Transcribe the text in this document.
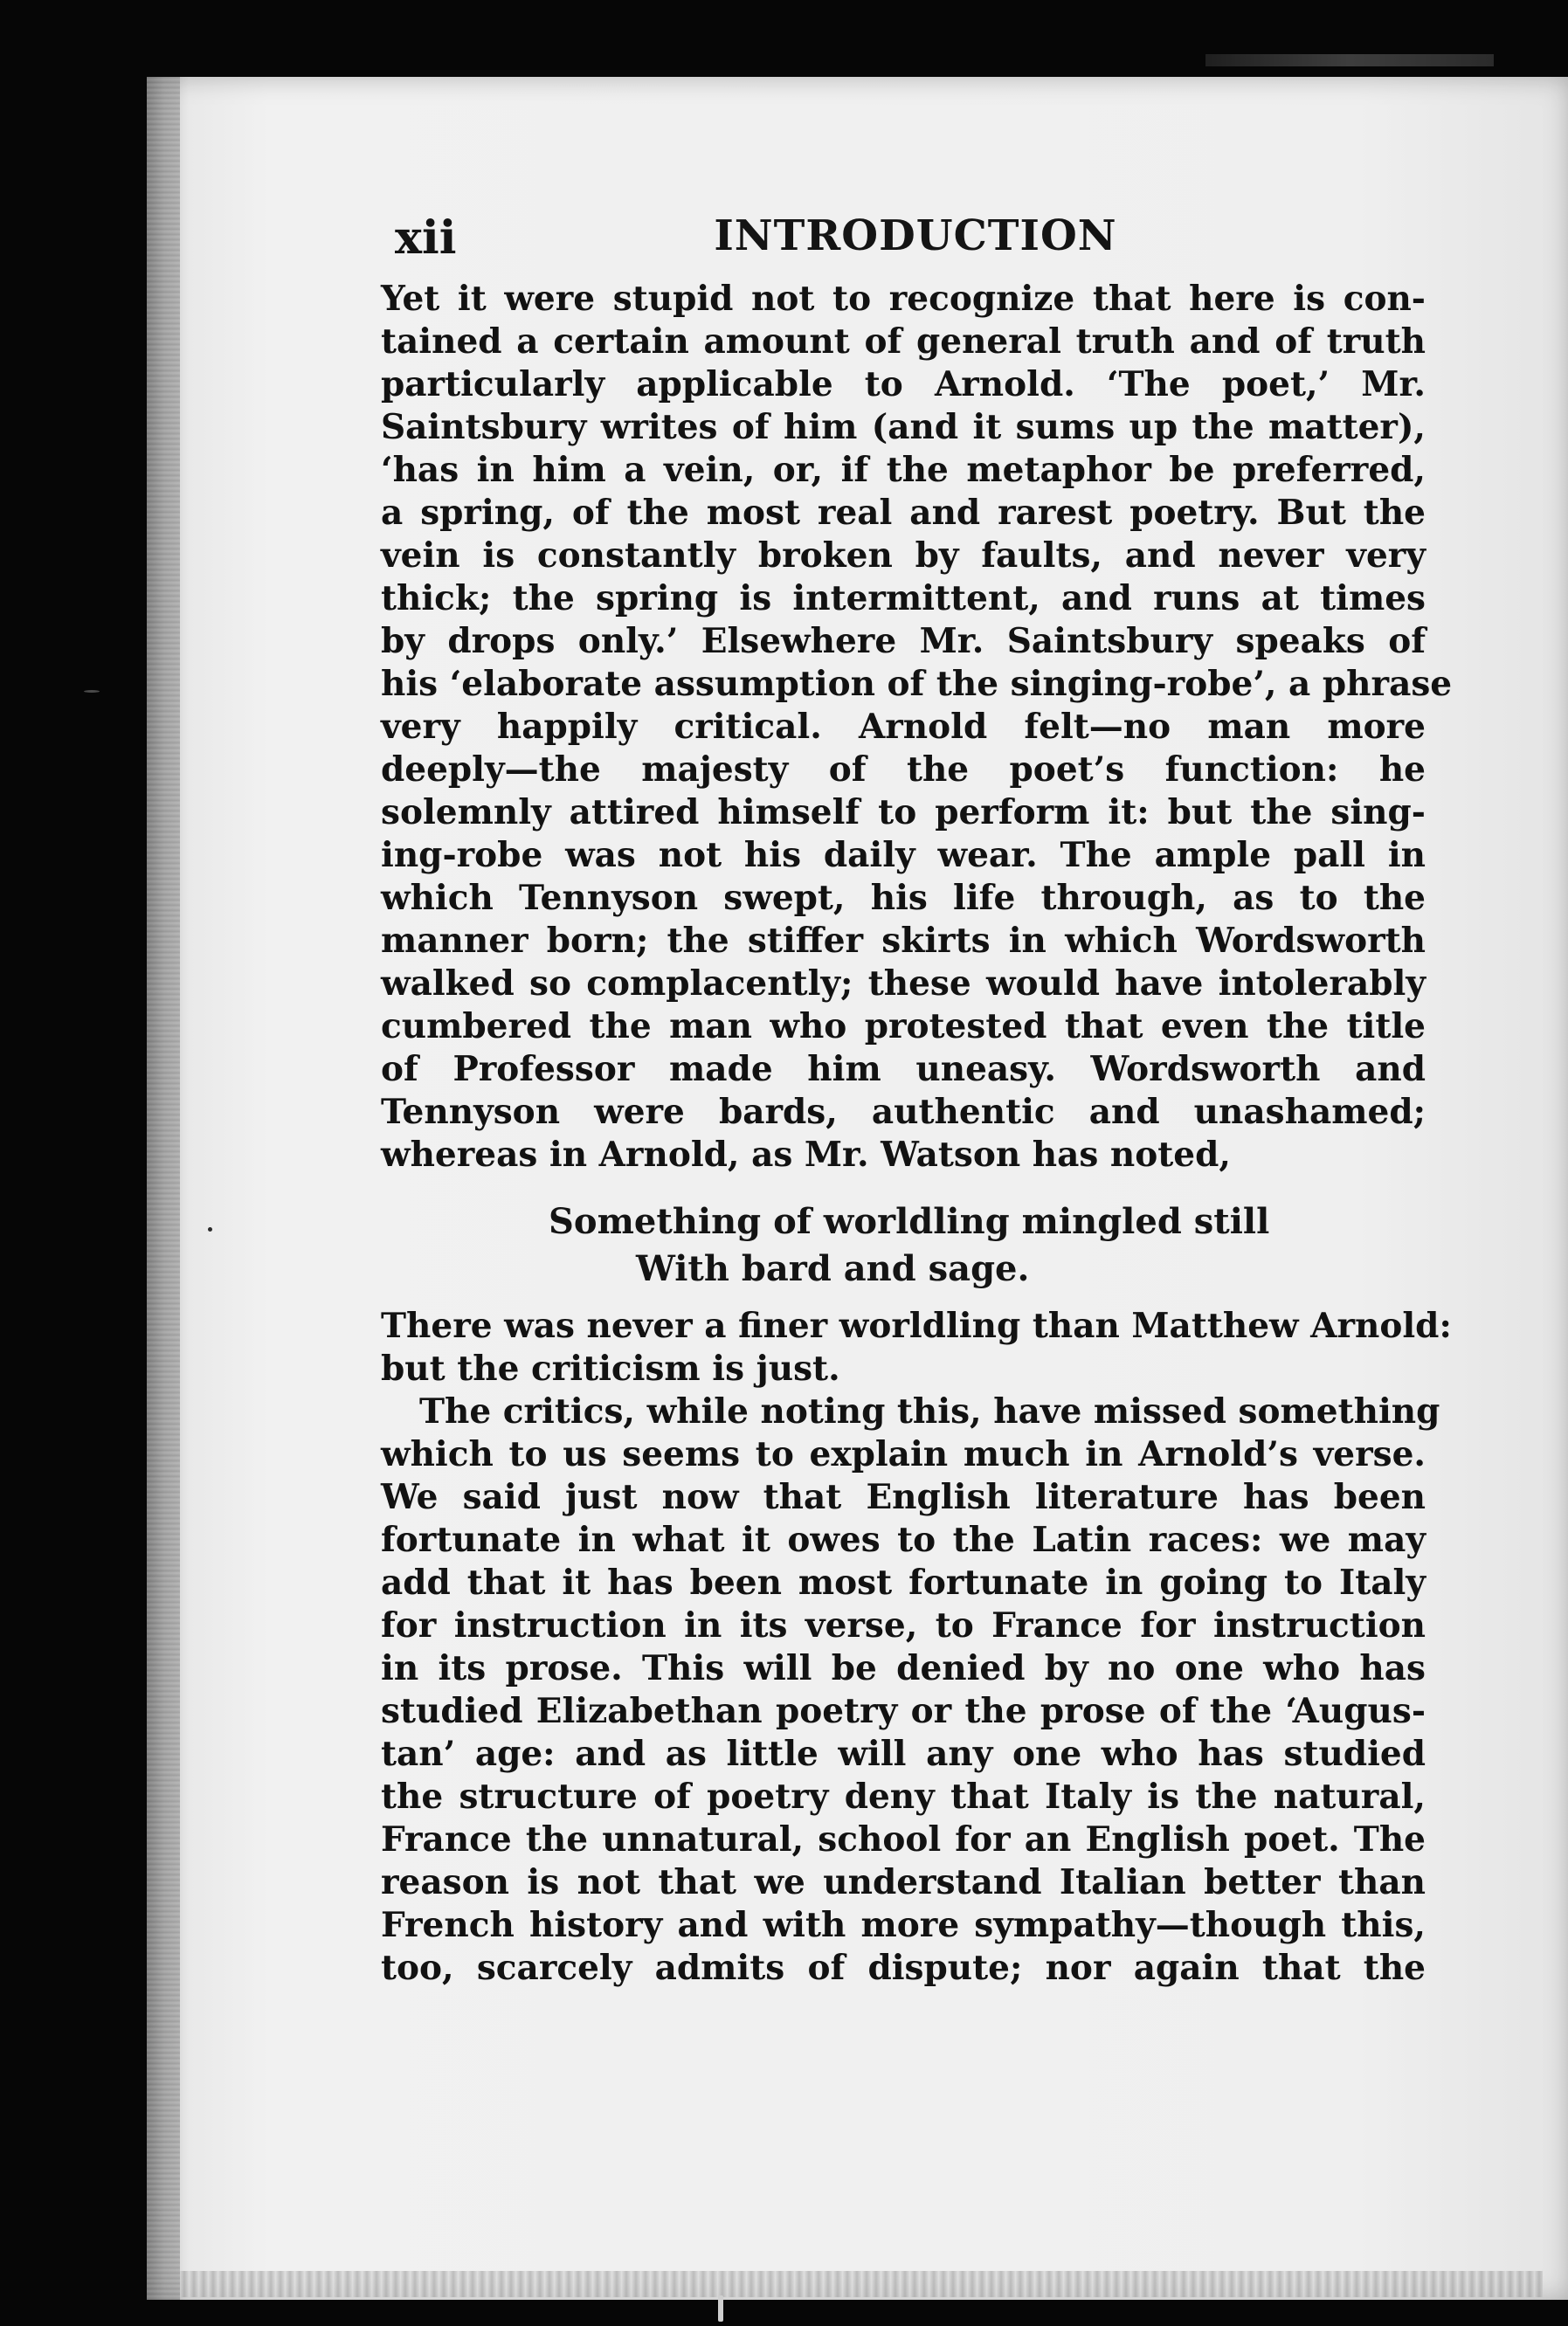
xii	INTRODUCTION
Yet it were stupid not to recognize that here is con-
tained a certain amount of general truth and of truth
particularly applicable to Arnold. ‘The poet,’ Mr.
Saintsbury writes of him (and it sums up the matter),
‘has in him a vein, or, if the metaphor be preferred,
a spring, of the most real and rarest poetry. But the
vein is constantly broken by faults, and never very
thick; the spring is intermittent, and runs at times
by drops only.’ Elsewhere Mr. Saintsbury speaks of
his ‘elaborate assumption of the singing-robe’, a phrase
very happily critical. Arnold felt—no man more
deeply—the majesty of the poet’s function: he
solemnly attired himself to perform it: but the sing-
ing-robe was not his daily wear. The ample pall in
which Tennyson swept, his life through, as to the
manner born; the stiffer skirts in which Wordsworth
walked so complacently; these would have intolerably
cumbered the man who protested that even the title
of Professor made him uneasy. Wordsworth and
Tennyson were bards, authentic and unashamed;
whereas in Arnold, as Mr. Watson has noted,
Something of worldling mingled still
With bard and sage.
There was never a finer worldling than Matthew Arnold:
but the criticism is just.
The critics, while noting this, have missed something
which to us seems to explain much in Arnold’s verse.
We said just now that English literature has been
fortunate in what it owes to the Latin races: we may
add that it has been most fortunate in going to Italy
for instruction in its verse, to France for instruction
in its prose. This will be denied by no one who has
studied Elizabethan poetry or the prose of the ‘Augus-
tan’ age: and as little will any one who has studied
the structure of poetry deny that Italy is the natural,
France the unnatural, school for an English poet. The
reason is not that we understand Italian better than
French history and with more sympathy—though this,
too, scarcely admits of dispute; nor again that the
